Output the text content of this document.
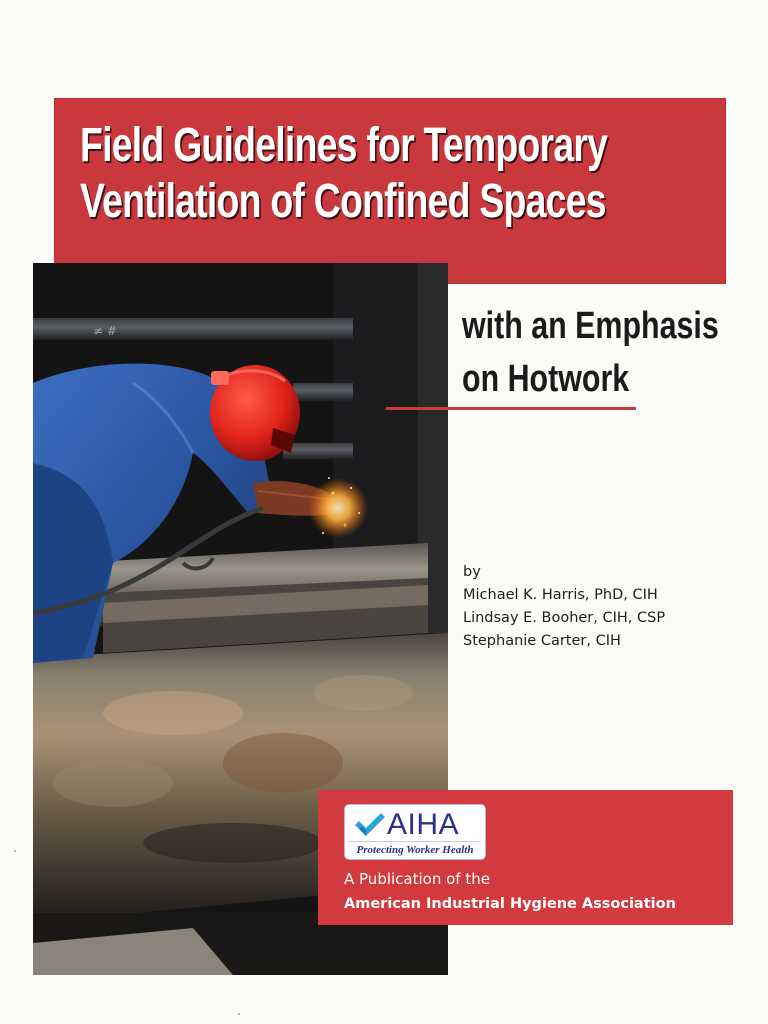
Field Guidelines for Temporary
Ventilation of Confined Spaces
≠ #	with an Emphasis
on Hotwork
by
Michael K. Harris, PhD, CIH
Lindsay E. Booher, CIH, CSP
Stephanie Carter, CIH
AIHA
Protecting Worker Health
A Publication of the
American Industrial Hygiene Association
